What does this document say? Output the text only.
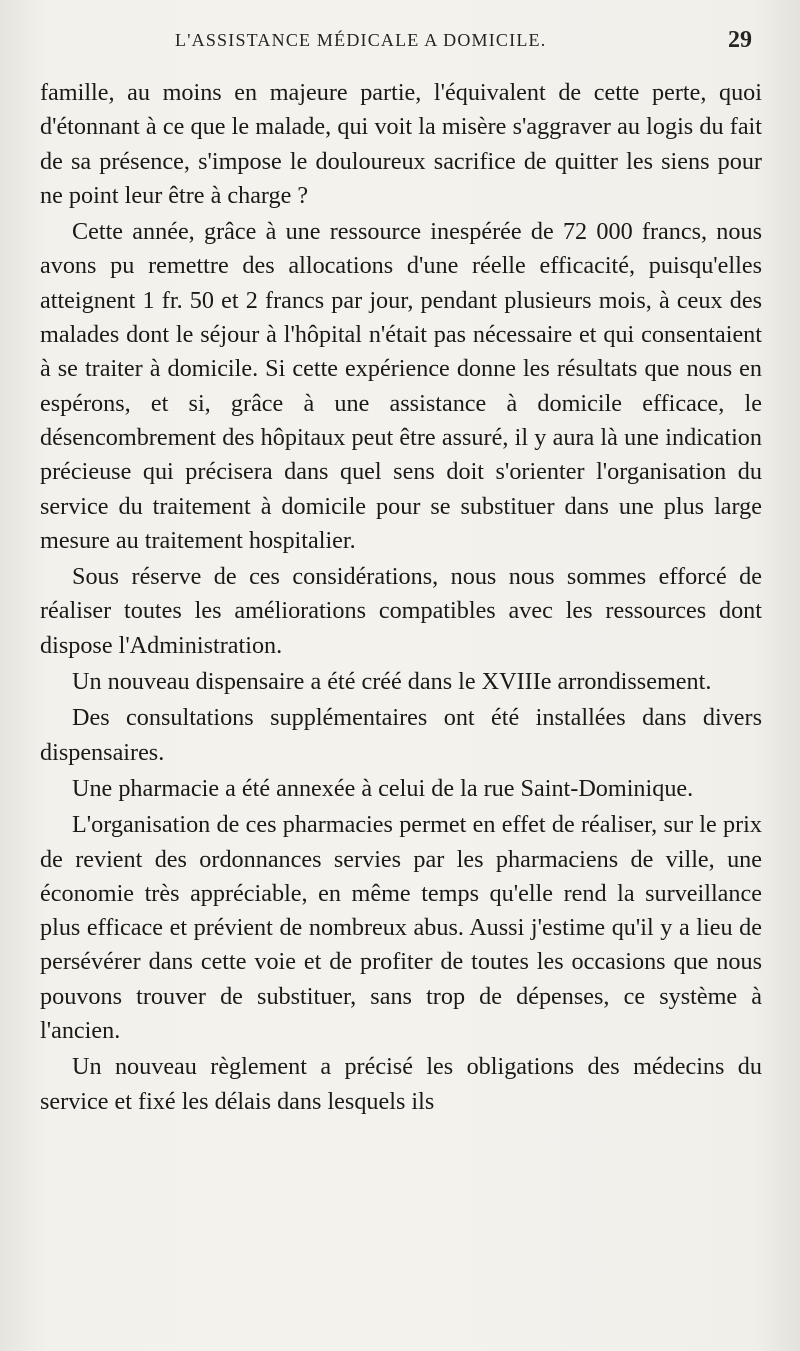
L'ASSISTANCE MÉDICALE A DOMICILE.	29

famille, au moins en majeure partie, l'équivalent de cette perte, quoi d'étonnant à ce que le malade, qui voit la misère s'aggraver au logis du fait de sa présence, s'impose le douloureux sacrifice de quitter les siens pour ne point leur être à charge ?

Cette année, grâce à une ressource inespérée de 72 000 francs, nous avons pu remettre des allocations d'une réelle efficacité, puisqu'elles atteignent 1 fr. 50 et 2 francs par jour, pendant plusieurs mois, à ceux des malades dont le séjour à l'hôpital n'était pas nécessaire et qui consentaient à se traiter à domicile. Si cette expérience donne les résultats que nous en espérons, et si, grâce à une assistance à domicile efficace, le désencombrement des hôpitaux peut être assuré, il y aura là une indication précieuse qui précisera dans quel sens doit s'orienter l'organisation du service du traitement à domicile pour se substituer dans une plus large mesure au traitement hospitalier.

Sous réserve de ces considérations, nous nous sommes efforcé de réaliser toutes les améliorations compatibles avec les ressources dont dispose l'Administration.

Un nouveau dispensaire a été créé dans le XVIIIe arrondissement.

Des consultations supplémentaires ont été installées dans divers dispensaires.

Une pharmacie a été annexée à celui de la rue Saint-Dominique.

L'organisation de ces pharmacies permet en effet de réaliser, sur le prix de revient des ordonnances servies par les pharmaciens de ville, une économie très appréciable, en même temps qu'elle rend la surveillance plus efficace et prévient de nombreux abus. Aussi j'estime qu'il y a lieu de persévérer dans cette voie et de profiter de toutes les occasions que nous pouvons trouver de substituer, sans trop de dépenses, ce système à l'ancien.

Un nouveau règlement a précisé les obligations des médecins du service et fixé les délais dans lesquels ils
